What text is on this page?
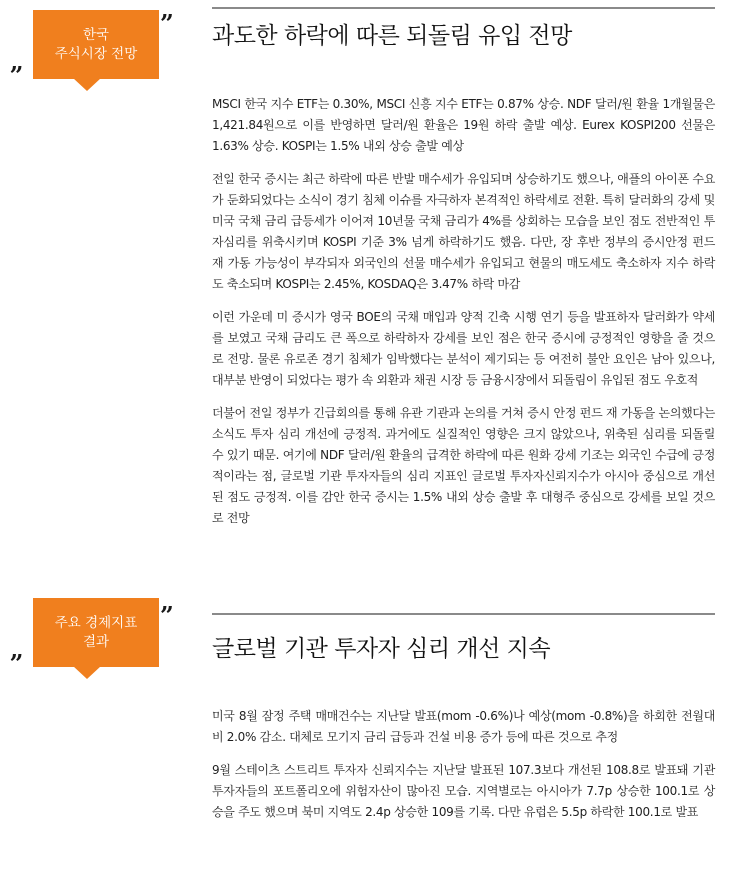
”
한국
주식시장 전망
„
과도한 하락에 따른 되돌림 유입 전망

MSCI 한국 지수 ETF는 0.30%, MSCI 신흥 지수 ETF는 0.87% 상승. NDF 달러/원 환율 1개월물은 1,421.84원으로 이를 반영하면 달러/원 환율은 19원 하락 출발 예상. Eurex KOSPI200 선물은 1.63% 상승. KOSPI는 1.5% 내외 상승 출발 예상

전일 한국 증시는 최근 하락에 따른 반발 매수세가 유입되며 상승하기도 했으나, 애플의 아이폰 수요가 둔화되었다는 소식이 경기 침체 이슈를 자극하자 본격적인 하락세로 전환. 특히 달러화의 강세 및 미국 국채 금리 급등세가 이어져 10년물 국채 금리가 4%를 상회하는 모습을 보인 점도 전반적인 투자심리를 위축시키며 KOSPI 기준 3% 넘게 하락하기도 했음. 다만, 장 후반 정부의 증시안정 펀드 재 가동 가능성이 부각되자 외국인의 선물 매수세가 유입되고 현물의 매도세도 축소하자 지수 하락도 축소되며 KOSPI는 2.45%, KOSDAQ은 3.47% 하락 마감

이런 가운데 미 증시가 영국 BOE의 국채 매입과 양적 긴축 시행 연기 등을 발표하자 달러화가 약세를 보였고 국채 금리도 큰 폭으로 하락하자 강세를 보인 점은 한국 증시에 긍정적인 영향을 줄 것으로 전망. 물론 유로존 경기 침체가 임박했다는 분석이 제기되는 등 여전히 불안 요인은 남아 있으나, 대부분 반영이 되었다는 평가 속 외환과 채권 시장 등 금융시장에서 되돌림이 유입된 점도 우호적

더불어 전일 정부가 긴급회의를 통해 유관 기관과 논의를 거쳐 증시 안정 펀드 재 가동을 논의했다는 소식도 투자 심리 개선에 긍정적. 과거에도 실질적인 영향은 크지 않았으나, 위축된 심리를 되돌릴 수 있기 때문. 여기에 NDF 달러/원 환율의 급격한 하락에 따른 원화 강세 기조는 외국인 수급에 긍정적이라는 점, 글로벌 기관 투자자들의 심리 지표인 글로벌 투자자신뢰지수가 아시아 중심으로 개선된 점도 긍정적. 이를 감안 한국 증시는 1.5% 내외 상승 출발 후 대형주 중심으로 강세를 보일 것으로 전망

”
주요 경제지표
결과
„	글로벌 기관 투자자 심리 개선 지속

미국 8월 잠정 주택 매매건수는 지난달 발표(mom -0.6%)나 예상(mom -0.8%)을 하회한 전월대비 2.0% 감소. 대체로 모기지 금리 급등과 건설 비용 증가 등에 따른 것으로 추정

9월 스테이츠 스트리트 투자자 신뢰지수는 지난달 발표된 107.3보다 개선된 108.8로 발표돼 기관투자자들의 포트폴리오에 위험자산이 많아진 모습. 지역별로는 아시아가 7.7p 상승한 100.1로 상승을 주도 했으며 북미 지역도 2.4p 상승한 109를 기록. 다만 유럽은 5.5p 하락한 100.1로 발표
